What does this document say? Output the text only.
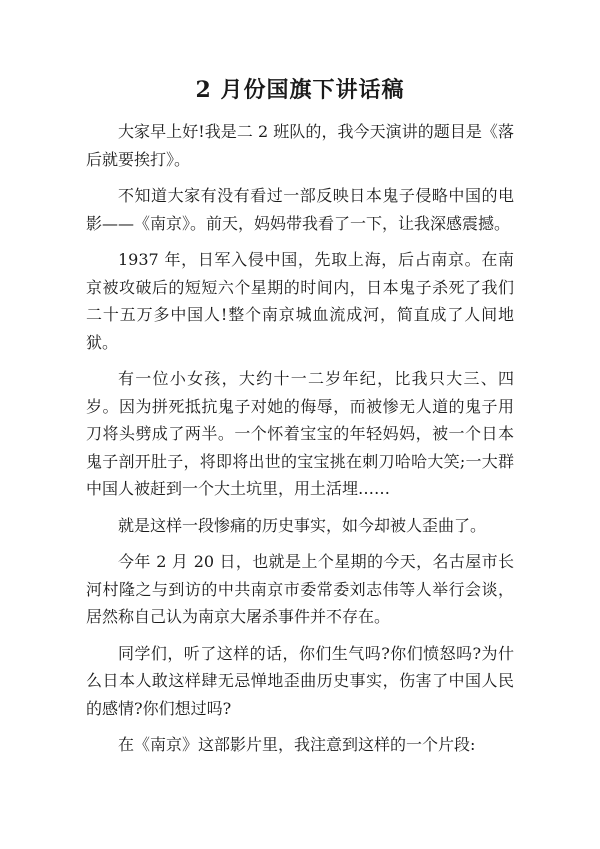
2 月份国旗下讲话稿

大家早上好!我是二 2 班队的，我今天演讲的题目是《落后就要挨打》。

不知道大家有没有看过一部反映日本鬼子侵略中国的电影——《南京》。前天，妈妈带我看了一下，让我深感震撼。

1937 年，日军入侵中国，先取上海，后占南京。在南京被攻破后的短短六个星期的时间内，日本鬼子杀死了我们二十五万多中国人!整个南京城血流成河，简直成了人间地狱。

有一位小女孩，大约十一二岁年纪，比我只大三、四岁。因为拼死抵抗鬼子对她的侮辱，而被惨无人道的鬼子用刀将头劈成了两半。一个怀着宝宝的年轻妈妈，被一个日本鬼子剖开肚子，将即将出世的宝宝挑在刺刀哈哈大笑;一大群中国人被赶到一个大土坑里，用土活埋……

就是这样一段惨痛的历史事实，如今却被人歪曲了。

今年 2 月 20 日，也就是上个星期的今天，名古屋市长河村隆之与到访的中共南京市委常委刘志伟等人举行会谈，居然称自己认为南京大屠杀事件并不存在。

同学们，听了这样的话，你们生气吗?你们愤怒吗?为什么日本人敢这样肆无忌惮地歪曲历史事实，伤害了中国人民的感情?你们想过吗?

在《南京》这部影片里，我注意到这样的一个片段:
